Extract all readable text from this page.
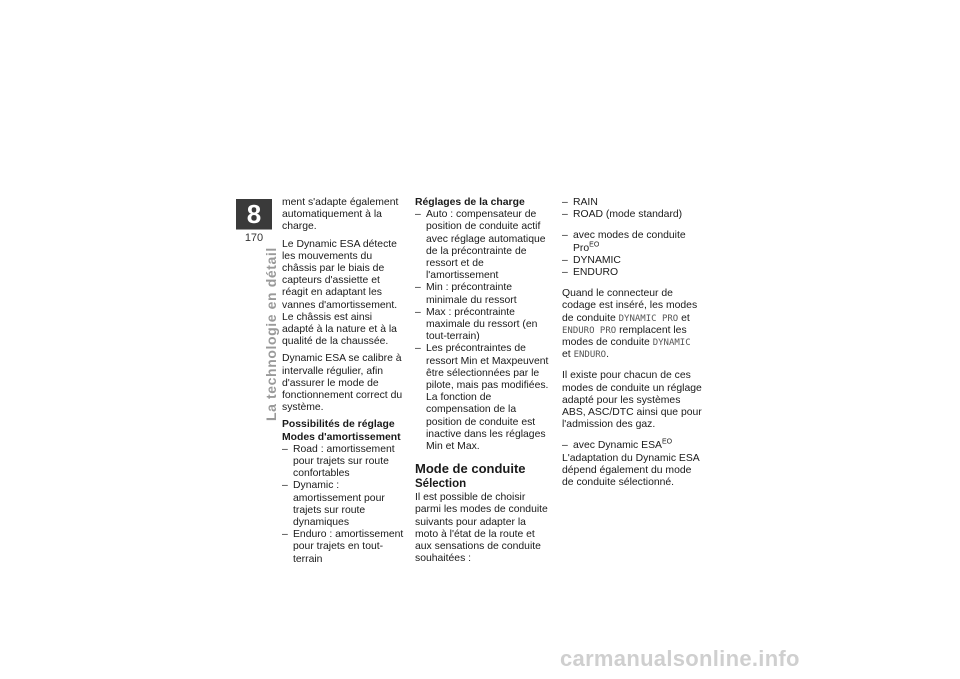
8
170
La technologie en détail

ment s'adapte également automatiquement à la charge.

Le Dynamic ESA détecte les mouvements du châssis par le biais de capteurs d'assiette et réagit en adaptant les vannes d'amortissement. Le châssis est ainsi adapté à la nature et à la qualité de la chaussée.

Dynamic ESA se calibre à intervalle régulier, afin d'assurer le mode de fonctionnement correct du système.

Possibilités de réglage

Modes d'amortissement

– Road : amortissement pour trajets sur route confortables

– Dynamic : amortissement pour trajets sur route dynamiques

– Enduro : amortissement pour trajets en tout-terrain

Réglages de la charge

– Auto : compensateur de position de conduite actif avec réglage automatique de la précontrainte de ressort et de l'amortissement

– Min : précontrainte minimale du ressort

– Max : précontrainte maximale du ressort (en tout-terrain)

– Les précontraintes de ressort Min et Maxpeuvent être sélectionnées par le pilote, mais pas modifiées. La fonction de compensation de la position de conduite est inactive dans les réglages Min et Max.

Mode de conduite

Sélection

Il est possible de choisir parmi les modes de conduite suivants pour adapter la moto à l'état de la route et aux sensations de conduite souhaitées :

– RAIN

– ROAD (mode standard)

– avec modes de conduite Pro$^{EO}$

– DYNAMIC

– ENDURO

Quand le connecteur de codage est inséré, les modes de conduite DYNAMIC PRO et ENDURO PRO remplacent les modes de conduite DYNAMIC et ENDURO.

Il existe pour chacun de ces modes de conduite un réglage adapté pour les systèmes ABS, ASC/DTC ainsi que pour l'admission des gaz.

– avec Dynamic $ESA^{EO}$

L'adaptation du Dynamic ESA dépend également du mode de conduite sélectionné.

carmanualsonline.info
